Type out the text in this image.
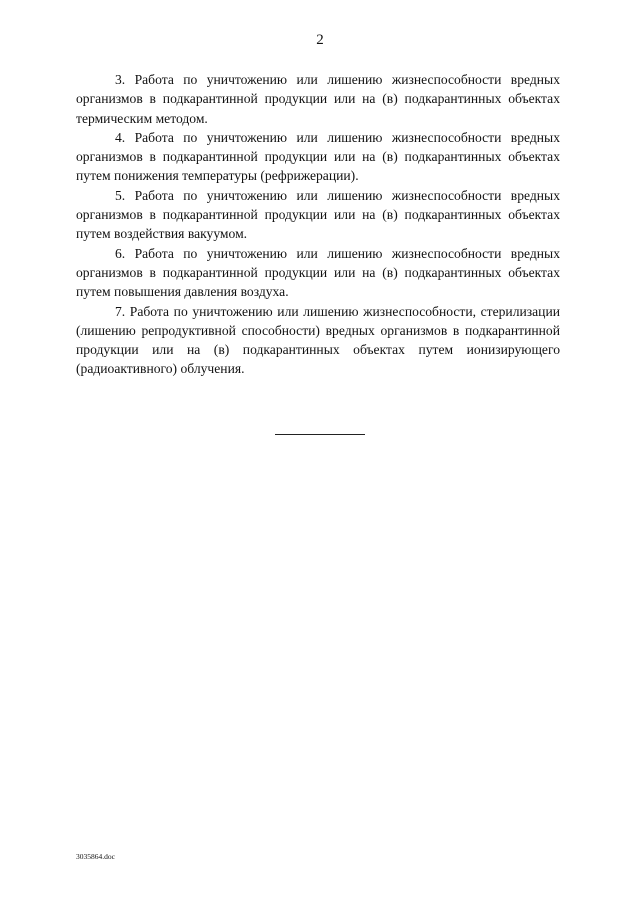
2

3. Работа по уничтожению или лишению жизнеспособности вредных организмов в подкарантинной продукции или на (в) подкарантинных объектах термическим методом.

4. Работа по уничтожению или лишению жизнеспособности вредных организмов в подкарантинной продукции или на (в) подкарантинных объектах путем понижения температуры (рефрижерации).

5. Работа по уничтожению или лишению жизнеспособности вредных организмов в подкарантинной продукции или на (в) подкарантинных объектах путем воздействия вакуумом.

6. Работа по уничтожению или лишению жизнеспособности вредных организмов в подкарантинной продукции или на (в) подкарантинных объектах путем повышения давления воздуха.

7. Работа по уничтожению или лишению жизнеспособности, стерилизации (лишению репродуктивной способности) вредных организмов в подкарантинной продукции или на (в) подкарантинных объектах путем ионизирующего (радиоактивного) облучения.

3035864.doc
